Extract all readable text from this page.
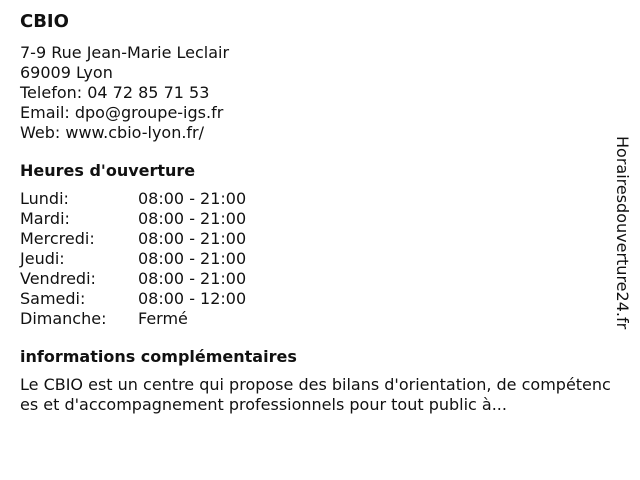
CBIO
7-9 Rue Jean-Marie Leclair
69009 Lyon
Telefon: 04 72 85 71 53
Email: dpo@groupe-igs.fr
Web: www.cbio-lyon.fr/
Heures d'ouverture
Lundi:	08:00 - 21:00
Mardi:	08:00 - 21:00
Mercredi:	08:00 - 21:00
Jeudi:	08:00 - 21:00
Vendredi:	08:00 - 21:00
Samedi:	08:00 - 12:00
Dimanche:	Fermé
informations complémentaires
Le CBIO est un centre qui propose des bilans d'orientation, de compétences et d'accompagnement professionnels pour tout public à...
Horairesdouverture24.fr
